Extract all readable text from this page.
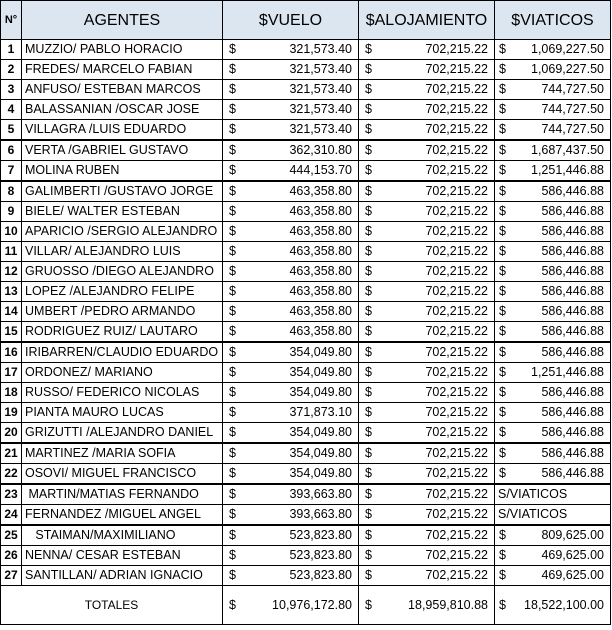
N°	AGENTES	$VUELO	$ALOJAMIENTO	$VIATICOS
1	MUZZIO/ PABLO HORACIO	$ 321,573.40	$ 702,215.22	$ 1,069,227.50

2	FREDES/ MARCELO FABIAN	$ 321,573.40	$ 702,215.22	$ 1,069,227.50

3	ANFUSO/ ESTEBAN MARCOS	$ 321,573.40	$ 702,215.22	$ 744,727.50

4	BALASSANIAN /OSCAR JOSE	$ 321,573.40	$ 702,215.22	$ 744,727.50

5	VILLAGRA /LUIS EDUARDO	$ 321,573.40	$ 702,215.22	$ 744,727.50

6	VERTA /GABRIEL GUSTAVO	$ 362,310.80	$ 702,215.22	$ 1,687,437.50

7	MOLINA RUBEN	$ 444,153.70	$ 702,215.22	$ 1,251,446.88

8	GALIMBERTI /GUSTAVO JORGE	$ 463,358.80	$ 702,215.22	$ 586,446.88

9	BIELE/ WALTER ESTEBAN	$ 463,358.80	$ 702,215.22	$ 586,446.88

10	APARICIO /SERGIO ALEJANDRO	$ 463,358.80	$ 702,215.22	$ 586,446.88

11	VILLAR/ ALEJANDRO LUIS	$ 463,358.80	$ 702,215.22	$ 586,446.88

12	GRUOSSO /DIEGO ALEJANDRO	$ 463,358.80	$ 702,215.22	$ 586,446.88

13	LOPEZ /ALEJANDRO FELIPE	$ 463,358.80	$ 702,215.22	$ 586,446.88

14	UMBERT /PEDRO ARMANDO	$ 463,358.80	$ 702,215.22	$ 586,446.88

15	RODRIGUEZ RUIZ/ LAUTARO	$ 463,358.80	$ 702,215.22	$ 586,446.88

16	IRIBARREN/CLAUDIO EDUARDO	$ 354,049.80	$ 702,215.22	$ 586,446.88

17	ORDONEZ/ MARIANO	$ 354,049.80	$ 702,215.22	$ 1,251,446.88

18	RUSSO/ FEDERICO NICOLAS	$ 354,049.80	$ 702,215.22	$ 586,446.88

19	PIANTA MAURO LUCAS	$ 371,873.10	$ 702,215.22	$ 586,446.88

20	GRIZUTTI /ALEJANDRO DANIEL	$ 354,049.80	$ 702,215.22	$ 586,446.88

21	MARTINEZ /MARIA SOFIA	$ 354,049.80	$ 702,215.22	$ 586,446.88

22	OSOVI/ MIGUEL FRANCISCO	$ 354,049.80	$ 702,215.22	$ 586,446.88

23	MARTIN/MATIAS FERNANDO	$ 393,663.80	$ 702,215.22	S/VIATICOS
24	FERNANDEZ /MIGUEL ANGEL	$ 393,663.80	$ 702,215.22	S/VIATICOS
25	STAIMAN/MAXIMILIANO	$ 523,823.80	$ 702,215.22	$ 809,625.00

26	NENNA/ CESAR ESTEBAN	$ 523,823.80	$ 702,215.22	$ 469,625.00

27	SANTILLAN/ ADRIAN IGNACIO	$ 523,823.80	$ 702,215.22	$ 469,625.00

TOTALES		$ 10,976,172.80	$ 18,959,810.88	$ 18,522,100.00
